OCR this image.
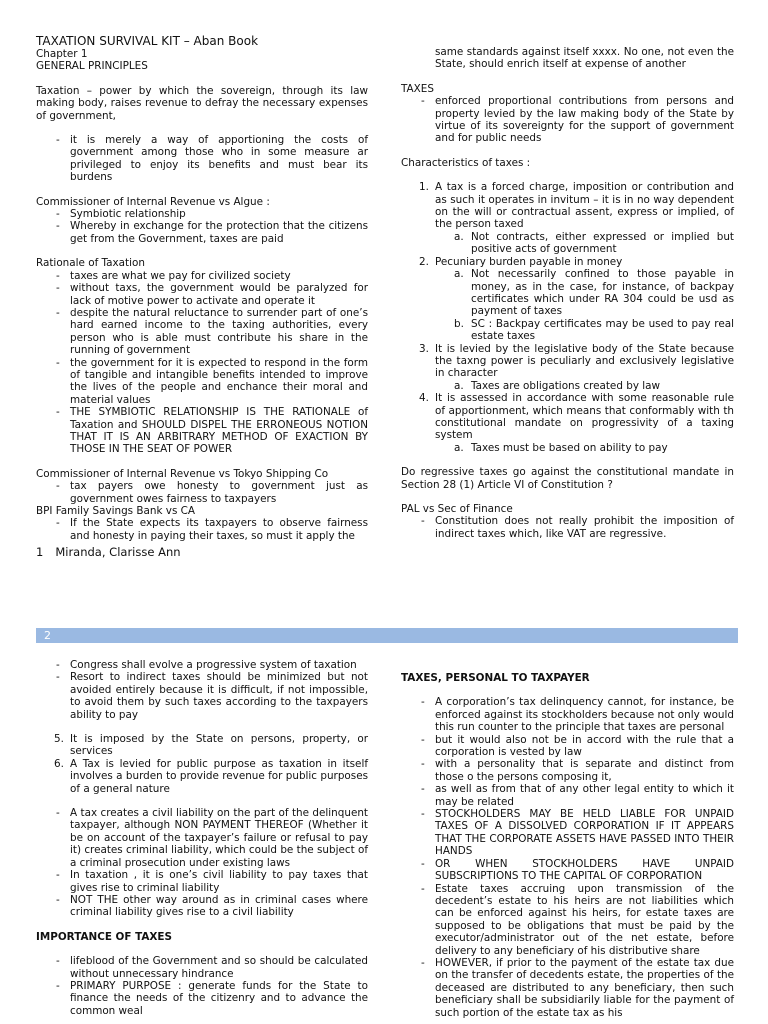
TAXATION SURVIVAL KIT – Aban Book

Chapter 1

GENERAL PRINCIPLES

Taxation – power by which the sovereign, through its law making body, raises revenue to defray the necessary expenses of government,

- it is merely a way of apportioning the costs of government among those who in some measure ar privileged to enjoy its benefits and must bear its burdens

Commissioner of Internal Revenue vs Algue :

- Symbiotic relationship
- Whereby in exchange for the protection that the citizens get from the Government, taxes are paid

Rationale of Taxation

- taxes are what we pay for civilized society
- without taxs, the government would be paralyzed for lack of motive power to activate and operate it
- despite the natural reluctance to surrender part of one’s hard earned income to the taxing authorities, every person who is able must contribute his share in the running of government
- the government for it is expected to respond in the form of tangible and intangible benefits intended to improve the lives of the people and enchance their moral and material values
- THE SYMBIOTIC RELATIONSHIP IS THE RATIONALE of Taxation and SHOULD DISPEL THE ERRONEOUS NOTION THAT IT IS AN ARBITRARY METHOD OF EXACTION BY THOSE IN THE SEAT OF POWER

Commissioner of Internal Revenue vs Tokyo Shipping Co

- tax payers owe honesty to government just as government owes fairness to taxpayers

BPI Family Savings Bank vs CA

- If the State expects its taxpayers to observe fairness and honesty in paying their taxes, so must it apply the

same standards against itself xxxx. No one, not even the State, should enrich itself at expense of another

TAXES

- enforced proportional contributions from persons and property levied by the law making body of the State by virtue of its sovereignty for the support of government and for public needs

Characteristics of taxes :

1. A tax is a forced charge, imposition or contribution and as such it operates in invitum – it is in no way dependent on the will or contractual assent, express or implied, of the person taxed
a. Not contracts, either expressed or implied but positive acts of government
2. Pecuniary burden payable in money
a. Not necessarily confined to those payable in money, as in the case, for instance, of backpay certificates which under RA 304 could be usd as payment of taxes
b. SC : Backpay certificates may be used to pay real estate taxes
3. It is levied by the legislative body of the State because the taxng power is peculiarly and exclusively legislative in character
a. Taxes are obligations created by law
4. It is assessed in accordance with some reasonable rule of apportionment, which means that conformably with th constitutional mandate on progressivity of a taxing system
a. Taxes must be based on ability to pay

Do regressive taxes go against the constitutional mandate in Section 28 (1) Article VI of Constitution ?

PAL vs Sec of Finance

- Constitution does not really prohibit the imposition of indirect taxes which, like VAT are regressive.
1 Miranda, Clarisse Ann
2
- Congress shall evolve a progressive system of taxation
- Resort to indirect taxes should be minimized but not avoided entirely because it is difficult, if not impossible, to avoid them by such taxes according to the taxpayers ability to pay
5. It is imposed by the State on persons, property, or services
6. A Tax is levied for public purpose as taxation in itself involves a burden to provide revenue for public purposes of a general nature
- A tax creates a civil liability on the part of the delinquent taxpayer, although NON PAYMENT THEREOF (Whether it be on account of the taxpayer’s failure or refusal to pay it) creates criminal liability, which could be the subject of a criminal prosecution under existing laws
- In taxation , it is one’s civil liability to pay taxes that gives rise to criminal liability
- NOT THE other way around as in criminal cases where criminal liability gives rise to a civil liability

IMPORTANCE OF TAXES

- lifeblood of the Government and so should be calculated without unnecessary hindrance
- PRIMARY PURPOSE : generate funds for the State to finance the needs of the citizenry and to advance the common weal

TAXES, PERSONAL TO TAXPAYER

- A corporation’s tax delinquency cannot, for instance, be enforced against its stockholders because not only would this run counter to the principle that taxes are personal
- but it would also not be in accord with the rule that a corporation is vested by law
- with a personality that is separate and distinct from those o the persons composing it,
- as well as from that of any other legal entity to which it may be related
- STOCKHOLDERS MAY BE HELD LIABLE FOR UNPAID TAXES OF A DISSOLVED CORPORATION IF IT APPEARS THAT THE CORPORATE ASSETS HAVE PASSED INTO THEIR HANDS
- OR WHEN STOCKHOLDERS HAVE UNPAID SUBSCRIPTIONS TO THE CAPITAL OF CORPORATION
- Estate taxes accruing upon transmission of the decedent’s estate to his heirs are not liabilities which can be enforced against his heirs, for estate taxes are supposed to be obligations that must be paid by the executor/administrator out of the net estate, before delivery to any beneficiary of his distributive share
- HOWEVER, if prior to the payment of the estate tax due on the transfer of decedents estate, the properties of the deceased are distributed to any beneficiary, then such beneficiary shall be subsidiarily liable for the payment of such portion of the estate tax as his
